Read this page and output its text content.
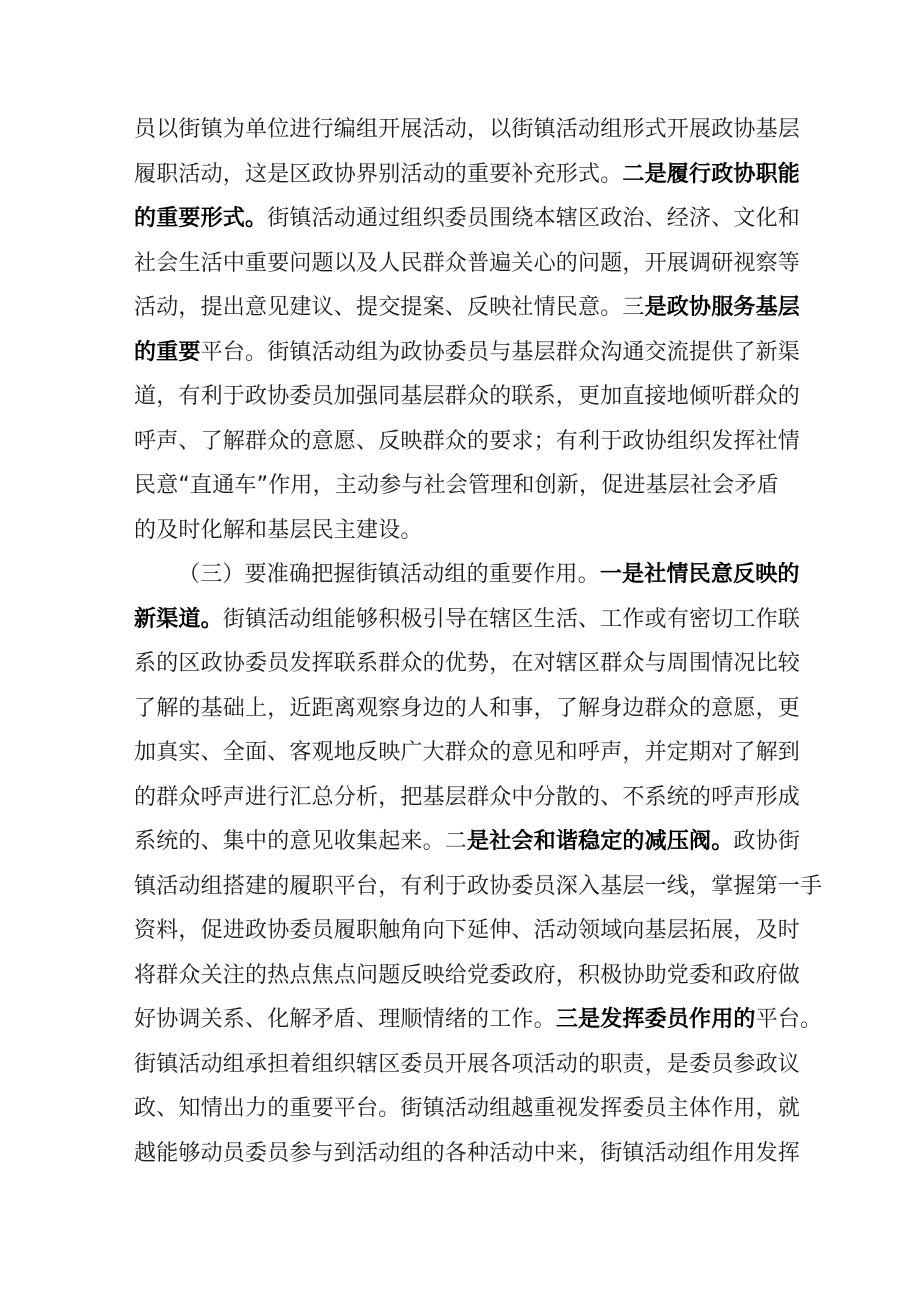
员以街镇为单位进行编组开展活动，以街镇活动组形式开展政协基层
履职活动，这是区政协界别活动的重要补充形式。二是履行政协职能
的重要形式。街镇活动通过组织委员围绕本辖区政治、经济、文化和
社会生活中重要问题以及人民群众普遍关心的问题，开展调研视察等
活动，提出意见建议、提交提案、反映社情民意。三是政协服务基层
的重要平台。街镇活动组为政协委员与基层群众沟通交流提供了新渠
道，有利于政协委员加强同基层群众的联系，更加直接地倾听群众的
呼声、了解群众的意愿、反映群众的要求；有利于政协组织发挥社情
民意“直通车”作用，主动参与社会管理和创新，促进基层社会矛盾
的及时化解和基层民主建设。
（三）要准确把握街镇活动组的重要作用。一是社情民意反映的
新渠道。街镇活动组能够积极引导在辖区生活、工作或有密切工作联
系的区政协委员发挥联系群众的优势，在对辖区群众与周围情况比较
了解的基础上，近距离观察身边的人和事，了解身边群众的意愿，更
加真实、全面、客观地反映广大群众的意见和呼声，并定期对了解到
的群众呼声进行汇总分析，把基层群众中分散的、不系统的呼声形成
系统的、集中的意见收集起来。二是社会和谐稳定的减压阀。政协街
镇活动组搭建的履职平台，有利于政协委员深入基层一线，掌握第一手
资料，促进政协委员履职触角向下延伸、活动领域向基层拓展，及时
将群众关注的热点焦点问题反映给党委政府，积极协助党委和政府做
好协调关系、化解矛盾、理顺情绪的工作。三是发挥委员作用的平台。
街镇活动组承担着组织辖区委员开展各项活动的职责，是委员参政议
政、知情出力的重要平台。街镇活动组越重视发挥委员主体作用，就
越能够动员委员参与到活动组的各种活动中来，街镇活动组作用发挥
